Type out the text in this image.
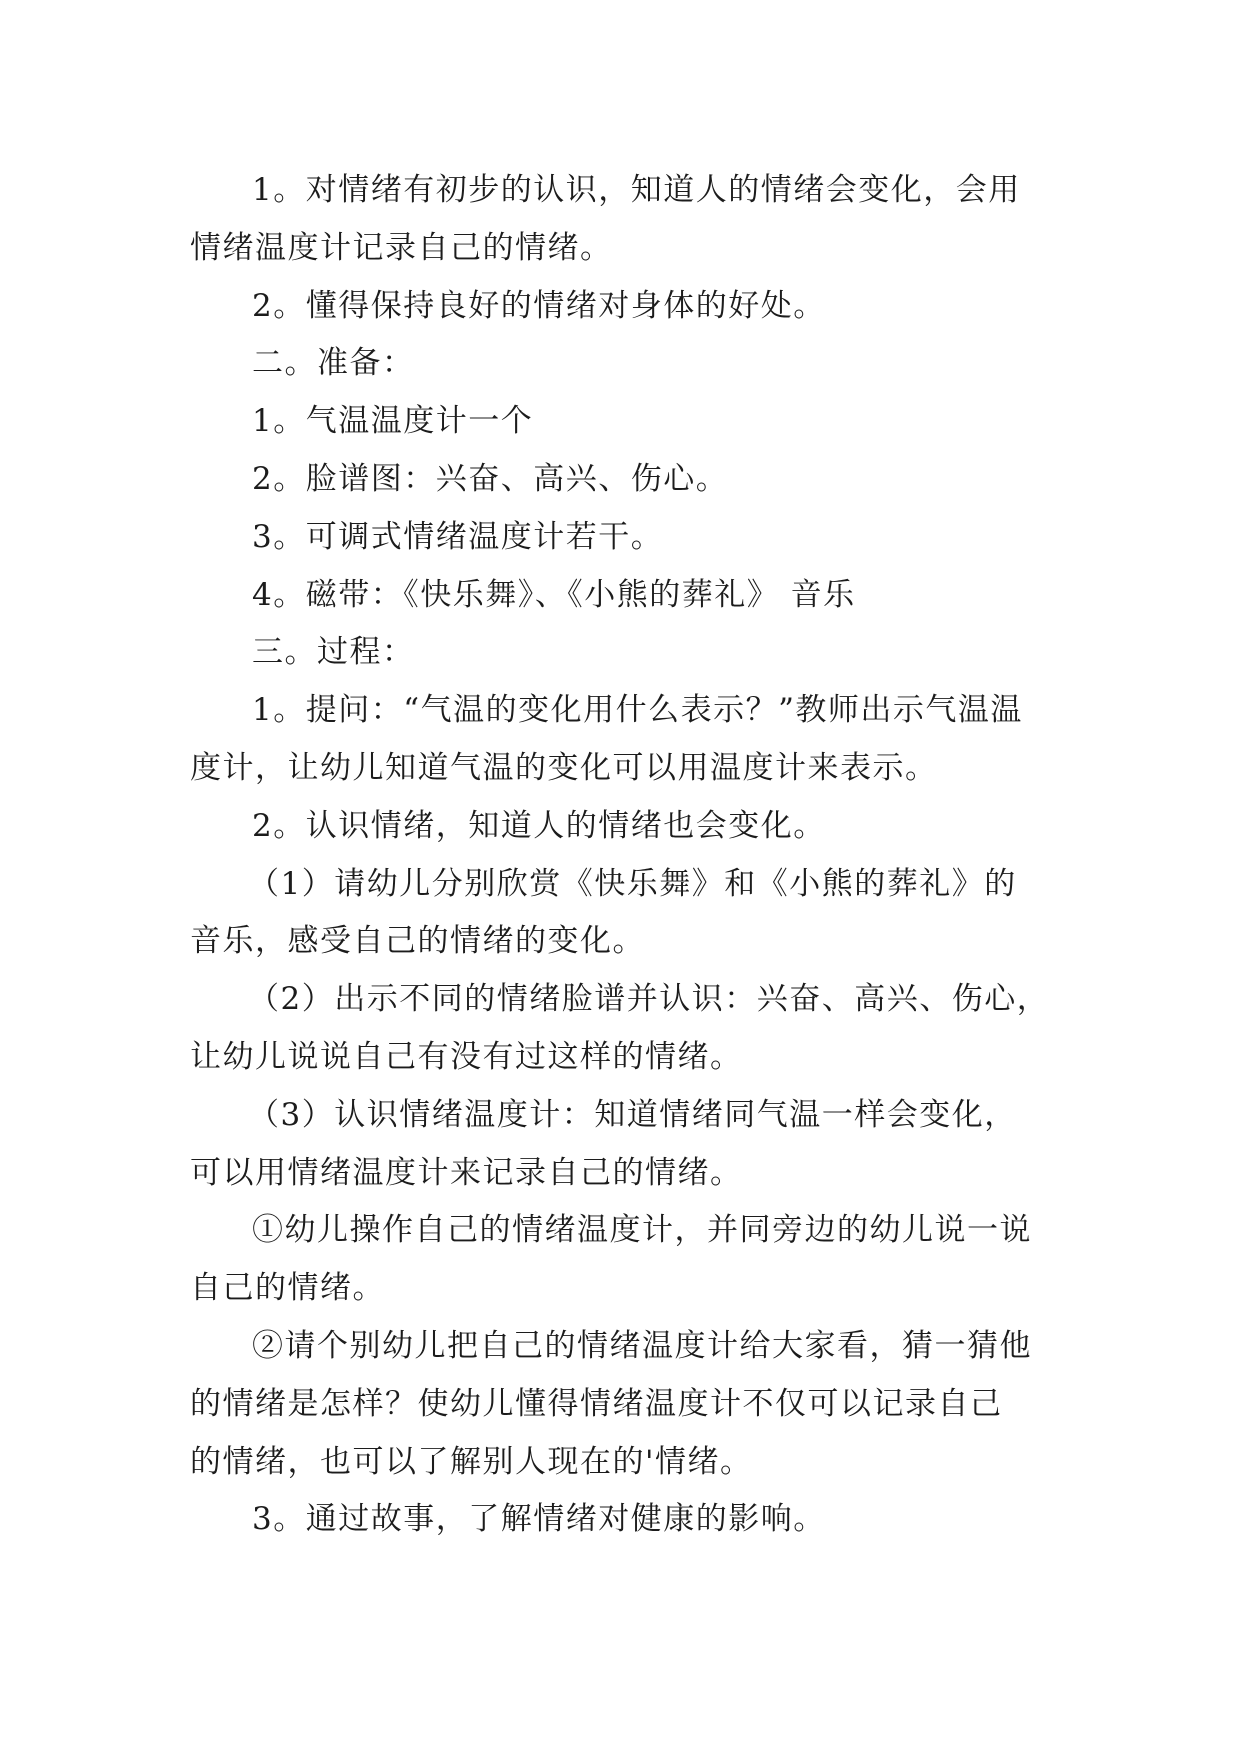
1。对情绪有初步的认识，知道人的情绪会变化，会用

情绪温度计记录自己的情绪。

2。懂得保持良好的情绪对身体的好处。

二。准备：

1。气温温度计一个

2。脸谱图：兴奋、高兴、伤心。

3。可调式情绪温度计若干。

4。磁带：《快乐舞》、《小熊的葬礼》 音乐

三。过程：

1。提问：“气温的变化用什么表示？”教师出示气温温

度计，让幼儿知道气温的变化可以用温度计来表示。

2。认识情绪，知道人的情绪也会变化。

（1）请幼儿分别欣赏《快乐舞》和《小熊的葬礼》的

音乐，感受自己的情绪的变化。

（2）出示不同的情绪脸谱并认识：兴奋、高兴、伤心，

让幼儿说说自己有没有过这样的情绪。

（3）认识情绪温度计：知道情绪同气温一样会变化，

可以用情绪温度计来记录自己的情绪。

①幼儿操作自己的情绪温度计，并同旁边的幼儿说一说

自己的情绪。

②请个别幼儿把自己的情绪温度计给大家看，猜一猜他

的情绪是怎样？使幼儿懂得情绪温度计不仅可以记录自己

的情绪，也可以了解别人现在的'情绪。

3。通过故事，了解情绪对健康的影响。
